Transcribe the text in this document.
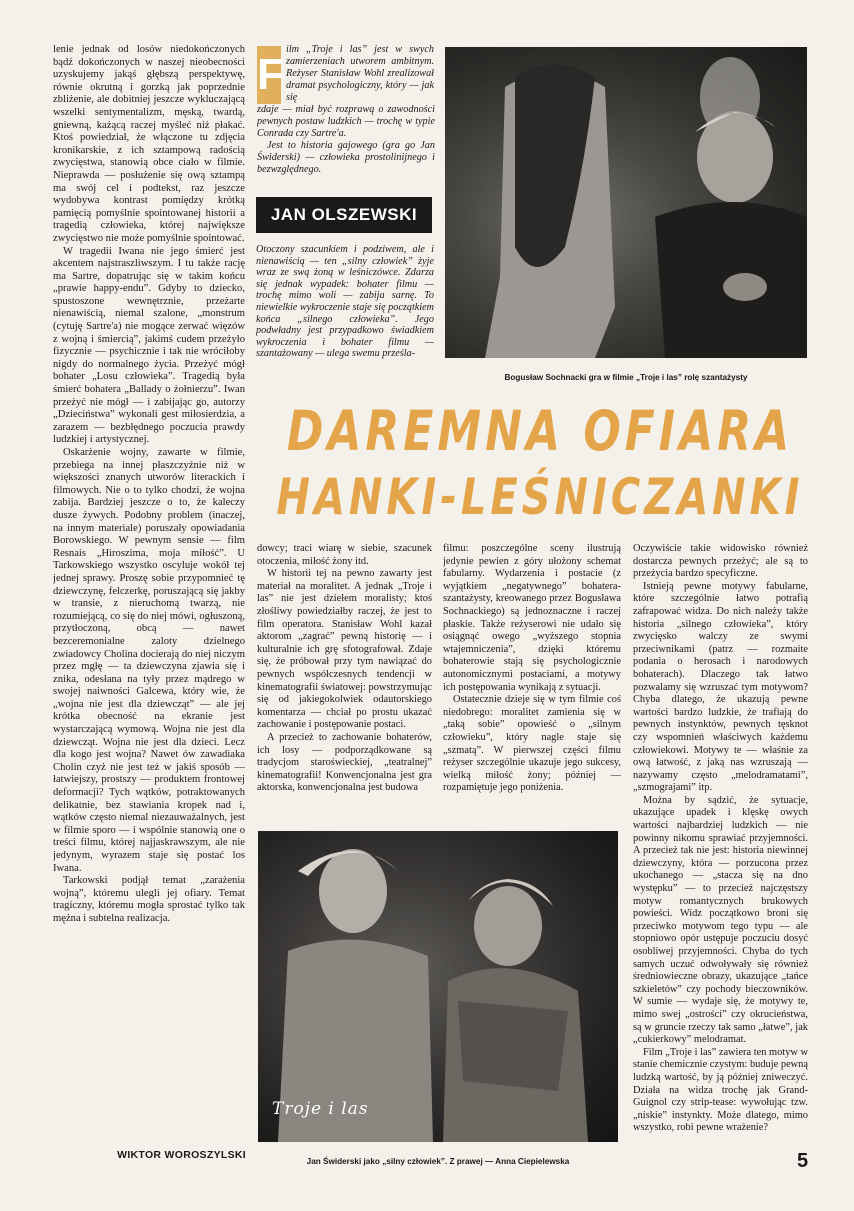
lenie jednak od losów niedokończonych bądź dokończonych w naszej nieobecności uzyskujemy jakąś głębszą perspektywę, równie okrutną i gorzką jak poprzednie zbliżenie, ale dobitniej jeszcze wykluczającą wszelki sentymentalizm, męską, twardą, gniewną, każącą raczej myśleć niż płakać. Ktoś powiedział, że włączone tu zdjęcia kronikarskie, z ich sztampową radością zwycięstwa, stanowią obce ciało w filmie. Nieprawda — posłużenie się ową sztampą ma swój cel i podtekst, raz jeszcze wydobywa kontrast pomiędzy krótką pamięcią pomyślnie spointowanej historii a tragedią człowieka, której największe zwycięstwo nie może pomyślnie spointować.

W tragedii Iwana nie jego śmierć jest akcentem najstraszliwszym. I tu także rację ma Sartre, dopatrując się w takim końcu „prawie happy-endu”. Gdyby to dziecko, spustoszone wewnętrznie, przeżarte nienawiścią, niemal szalone, „monstrum (cytuję Sartre'a) nie mogące zerwać więzów z wojną i śmiercią”, jakimś cudem przeżyło fizycznie — psychicznie i tak nie wróciłoby nigdy do normalnego życia. Przeżyć mógł bohater „Losu człowieka”. Tragedią była śmierć bohatera „Ballady o żołnierzu”. Iwan przeżyć nie mógł — i zabijając go, autorzy „Dzieciństwa” wykonali gest miłosierdzia, a zarazem — bezbłędnego poczucia prawdy ludzkiej i artystycznej.

Oskarżenie wojny, zawarte w filmie, przebiega na innej płaszczyźnie niż w większości znanych utworów literackich i filmowych. Nie o to tylko chodzi, że wojna zabija. Bardziej jeszcze o to, że kaleczy dusze żywych. Podobny problem (inaczej, na innym materiale) poruszały opowiadania Borowskiego. W pewnym sensie — film Resnais „Hiroszima, moja miłość”. U Tarkowskiego wszystko oscyluje wokół tej jednej sprawy. Proszę sobie przypomnieć tę dziewczynę, felczerkę, poruszającą się jakby w transie, z nieruchomą twarzą, nie rozumiejącą, co się do niej mówi, ogłuszoną, przytłoczoną, obcą — nawet bezceremonialne zaloty dzielnego zwiadowcy Cholina docierają do niej niczym przez mgłę — ta dziewczyna zjawia się i znika, odesłana na tyły przez mądrego w swojej naiwności Galcewa, który wie, że „wojna nie jest dla dziewcząt” — ale jej krótka obecność na ekranie jest wystarczającą wymową. Wojna nie jest dla dziewcząt. Wojna nie jest dla dzieci. Lecz dla kogo jest wojna? Nawet ów zawadiaka Cholin czyż nie jest też w jakiś sposób — łatwiejszy, prostszy — produktem frontowej deformacji? Tych wątków, potraktowanych delikatnie, bez stawiania kropek nad i, wątków często niemal niezauważalnych, jest w filmie sporo — i wspólnie stanowią one o treści filmu, której najjaskrawszym, ale nie jedynym, wyrazem staje się postać los Iwana.

Tarkowski podjął temat „zarażenia wojną”, któremu ulegli jej ofiary. Temat tragiczny, któremu mogła sprostać tylko tak mężna i subtelna realizacja.

WIKTOR WOROSZYLSKI
F

ilm „Troje i las” jest w swych zamierzeniach utworem ambitnym. Reżyser Stanisław Wohl zrealizował dramat psychologiczny, który — jak się

zdaje — miał być rozprawą o zawodności pewnych postaw ludzkich — trochę w typie Conrada czy Sartre'a.

Jest to historia gajowego (gra go Jan Świderski) — człowieka prostolinijnego i bezwzględnego.

JAN OLSZEWSKI

Otoczony szacunkiem i podziwem, ale i nienawiścią — ten „silny człowiek” żyje wraz ze swą żoną w leśniczówce. Zdarza się jednak wypadek: bohater filmu — trochę mimo woli — zabija sarnę. To niewielkie wykroczenie staje się początkiem końca „silnego człowieka”. Jego podwładny jest przypadkowo świadkiem wykroczenia i bohater filmu — szantażowany — ulega swemu prześla-

Bogusław Sochnacki gra w filmie „Troje i las” rolę szantażysty
DAREMNA OFIARA
HANKI-LEŚNICZANKI

dowcy; traci wiarę w siebie, szacunek otoczenia, miłość żony itd.

W historii tej na pewno zawarty jest materiał na moralitet. A jednak „Troje i las” nie jest dziełem moralisty; ktoś złośliwy powiedziałby raczej, że jest to film operatora. Stanisław Wohl kazał aktorom „zagrać” pewną historię — i kulturalnie ich grę sfotografował. Zdaje się, że próbował przy tym nawiązać do pewnych współczesnych tendencji w kinematografii światowej: powstrzymując się od jakiegokolwiek odautorskiego komentarza — chciał po prostu ukazać zachowanie i postępowanie postaci.

A przecież to zachowanie bohaterów, ich losy — podporządkowane są tradycjom staroświeckiej, „teatralnej” kinematografii! Konwencjonalna jest gra aktorska, konwencjonalna jest budowa

filmu: poszczególne sceny ilustrują jedynie pewien z góry ułożony schemat fabularny. Wydarzenia i postacie (z wyjątkiem „negatywnego” bohatera-szantażysty, kreowanego przez Bogusława Sochnackiego) są jednoznaczne i raczej płaskie. Także reżyserowi nie udało się osiągnąć owego „wyższego stopnia wtajemniczenia”, dzięki któremu bohaterowie stają się psychologicznie autonomicznymi postaciami, a motywy ich postępowania wynikają z sytuacji.

Ostatecznie dzieje się w tym filmie coś niedobrego: moralitet zamienia się w „taką sobie” opowieść o „silnym człowieku”, który nagle staje się „szmatą”. W pierwszej części filmu reżyser szczególnie ukazuje jego sukcesy, wielką miłość żony; później — rozpamiętuje jego poniżenia.

Oczywiście takie widowisko również dostarcza pewnych przeżyć; ale są to przeżycia bardzo specyficzne.

Istnieją pewne motywy fabularne, które szczególnie łatwo potrafią zafrapować widza. Do nich należy także historia „silnego człowieka”, który zwycięsko walczy ze swymi przeciwnikami (patrz — rozmaite podania o herosach i narodowych bohaterach). Dlaczego tak łatwo pozwalamy się wzruszać tym motywom? Chyba dlatego, że ukazują pewne wartości bardzo ludzkie, że trafiają do pewnych instynktów, pewnych tęsknot czy wspomnień właściwych każdemu człowiekowi. Motywy te — właśnie za ową łatwość, z jaką nas wzruszają — nazywamy często „melodramatami”, „szmograjami” itp.

Można by sądzić, że sytuacje, ukazujące upadek i klęskę owych wartości najbardziej ludzkich — nie powinny nikomu sprawiać przyjemności. A przecież tak nie jest: historia niewinnej dziewczyny, która — porzucona przez ukochanego — „stacza się na dno występku” — to przecież najczęstszy motyw romantycznych brukowych powieści. Widz początkowo broni się przeciwko motywom tego typu — ale stopniowo opór ustępuje poczuciu dosyć osobliwej przyjemności. Chyba do tych samych uczuć odwoływały się również średniowieczne obrazy, ukazujące „tańce szkieletów” czy pochody bieczowników. W sumie — wydaje się, że motywy te, mimo swej „ostrości” czy okrucieństwa, są w gruncie rzeczy tak samo „łatwe”, jak „cukierkowy” melodramat.

Film „Troje i las” zawiera ten motyw w stanie chemicznie czystym: buduje pewną ludzką wartość, by ją później zniweczyć. Działa na widza trochę jak Grand-Guignol czy strip-tease: wywołując tzw. „niskie” instynkty. Może dlatego, mimo wszystko, robi pewne wrażenie?

Troje i las
Jan Świderski jako „silny człowiek”. Z prawej — Anna Ciepielewska	5
